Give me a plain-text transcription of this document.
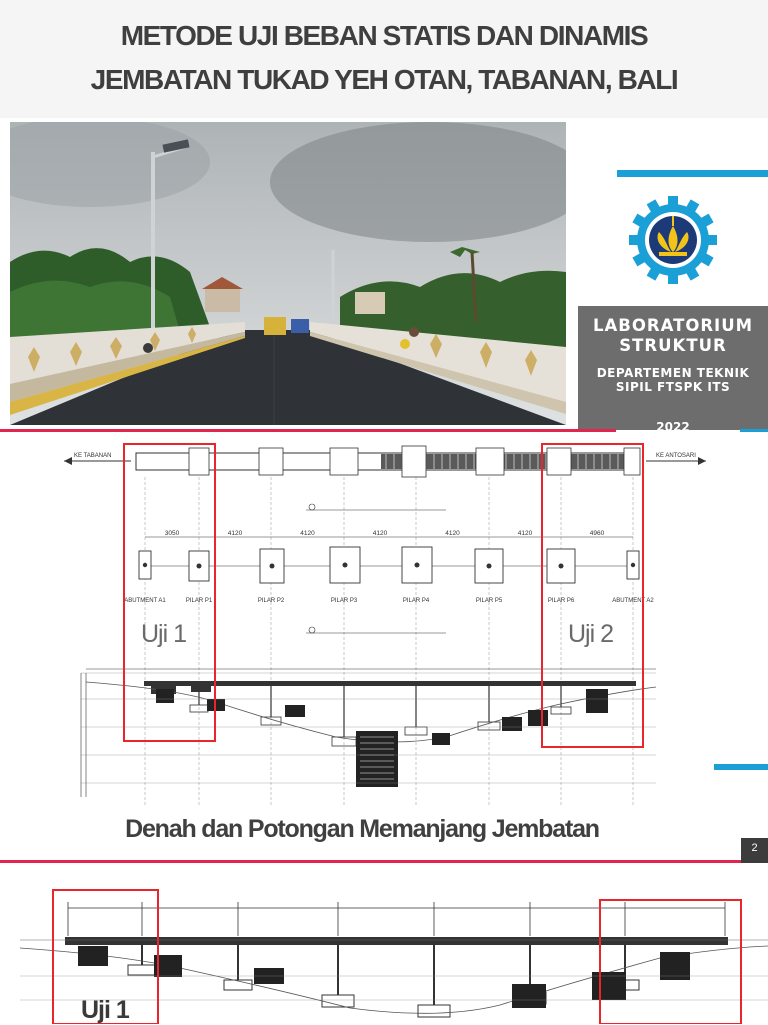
METODE UJI BEBAN STATIS DAN DINAMIS
JEMBATAN TUKAD YEH OTAN, TABANAN, BALI
LABORATORIUM STRUKTUR
DEPARTEMEN TEKNIK SIPIL FTSPK ITS
2022
KE TABANAN	KE ANTOSARI
3050	4120	4120	4120	4120	4120	4960
ABUTMENT A1	PILAR P1	PILAR P2	PILAR P3	PILAR P4	PILAR P5	PILAR P6	ABUTMENT A2
Uji 1	Uji 2
Denah dan Potongan Memanjang Jembatan
2
Uji 1
